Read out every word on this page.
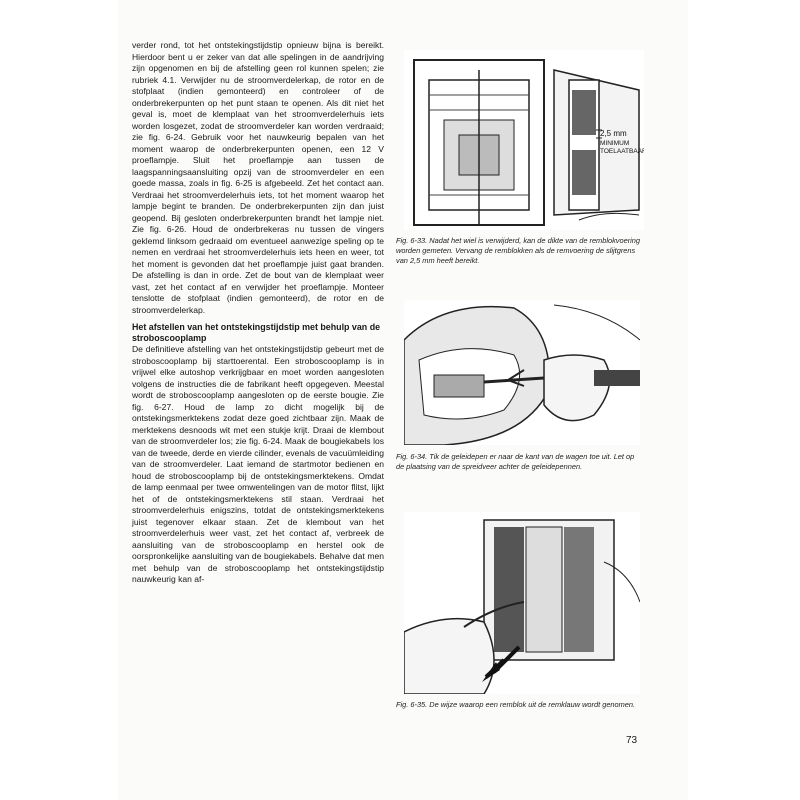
verder rond, tot het ontstekingstijdstip opnieuw bijna is bereikt. Hierdoor bent u er zeker van dat alle spelingen in de aandrijving zijn opgenomen en bij de afstelling geen rol kunnen spelen; zie rubriek 4.1. Verwijder nu de stroomverdelerkap, de rotor en de stofplaat (indien gemonteerd) en controleer of de onderbrekerpunten op het punt staan te openen. Als dit niet het geval is, moet de klemplaat van het stroomverdelerhuis iets worden losgezet, zodat de stroomverdeler kan worden verdraaid; zie fig. 6-24. Gebruik voor het nauwkeurig bepalen van het moment waarop de onderbrekerpunten openen, een 12 V proeflampje. Sluit het proeflampje aan tussen de laagspanningsaansluiting opzij van de stroomverdeler en een goede massa, zoals in fig. 6-25 is afgebeeld. Zet het contact aan. Verdraai het stroomverdelerhuis iets, tot het moment waarop het lampje begint te branden. De onderbrekerpunten zijn dan juist geopend. Bij gesloten onderbrekerpunten brandt het lampje niet. Zie fig. 6-26. Houd de onderbrekeras nu tussen de vingers geklemd linksom gedraaid om eventueel aanwezige speling op te nemen en verdraai het stroomverdelerhuis iets heen en weer, tot het moment is gevonden dat het proeflampje juist gaat branden. De afstelling is dan in orde. Zet de bout van de klemplaat weer vast, zet het contact af en verwijder het proeflampje. Monteer tenslotte de stofplaat (indien gemonteerd), de rotor en de stroomverdelerkap.

Het afstellen van het ontstekingstijdstip met behulp van de stroboscooplamp

De definitieve afstelling van het ontstekingstijdstip gebeurt met de stroboscooplamp bij starttoerental. Een stroboscooplamp is in vrijwel elke autoshop verkrijgbaar en moet worden aangesloten volgens de instructies die de fabrikant heeft opgegeven. Meestal wordt de stroboscooplamp aangesloten op de eerste bougie. Zie fig. 6-27. Houd de lamp zo dicht mogelijk bij de ontstekingsmerktekens zodat deze goed zichtbaar zijn. Maak de merktekens desnoods wit met een stukje krijt. Draai de klembout van de stroomverdeler los; zie fig. 6-24. Maak de bougiekabels los van de tweede, derde en vierde cilinder, evenals de vacuümleiding van de stroomverdeler. Laat iemand de startmotor bedienen en houd de stroboscooplamp bij de ontstekingsmerktekens. Omdat de lamp eenmaal per twee omwentelingen van de motor flitst, lijkt het of de ontstekingsmerktekens stil staan. Verdraai het stroomverdelerhuis enigszins, totdat de ontstekingsmerktekens juist tegenover elkaar staan. Zet de klembout van het stroomverdelerhuis weer vast, zet het contact af, verbreek de aansluiting van de stroboscooplamp en herstel ook de oorspronkelijke aansluiting van de bougiekabels. Behalve dat men met behulp van de stroboscooplamp het ontstekingstijdstip nauwkeurig kan af-

2,5 mm
MINIMUM
TOELAATBAAR
Fig. 6-33. Nadat het wiel is verwijderd, kan de dikte van de remblokvoering worden gemeten. Vervang de remblokken als de remvoering de slijtgrens van 2,5 mm heeft bereikt.
Fig. 6-34. Tik de geleidepen er naar de kant van de wagen toe uit. Let op de plaatsing van de spreidveer achter de geleidepennen.
Fig. 6-35. De wijze waarop een remblok uit de remklauw wordt genomen.
73
